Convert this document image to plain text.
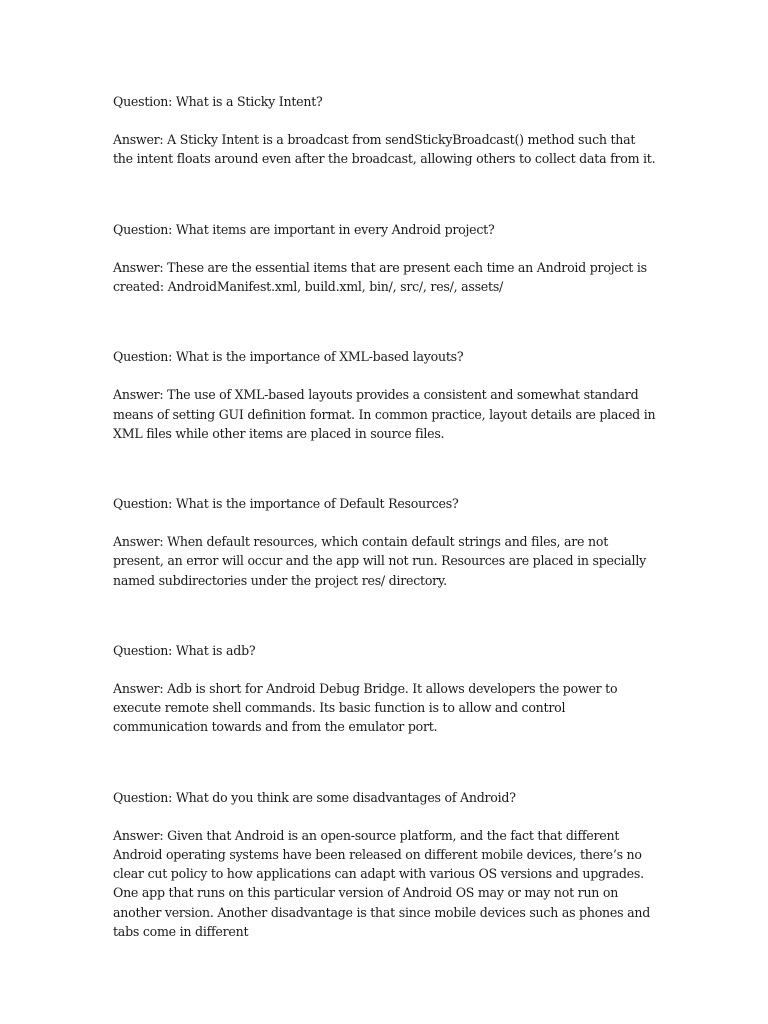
Question: What is a Sticky Intent?

Answer: A Sticky Intent is a broadcast from sendStickyBroadcast() method such that the intent floats around even after the broadcast, allowing others to collect data from it.

Question: What items are important in every Android project?

Answer: These are the essential items that are present each time an Android project is created: AndroidManifest.xml, build.xml, bin/, src/, res/, assets/

Question: What is the importance of XML-based layouts?

Answer: The use of XML-based layouts provides a consistent and somewhat standard means of setting GUI definition format. In common practice, layout details are placed in XML files while other items are placed in source files.

Question: What is the importance of Default Resources?

Answer: When default resources, which contain default strings and files, are not present, an error will occur and the app will not run. Resources are placed in specially named subdirectories under the project res/ directory.

Question: What is adb?

Answer: Adb is short for Android Debug Bridge. It allows developers the power to execute remote shell commands. Its basic function is to allow and control communication towards and from the emulator port.

Question: What do you think are some disadvantages of Android?

Answer: Given that Android is an open-source platform, and the fact that different Android operating systems have been released on different mobile devices, there’s no clear cut policy to how applications can adapt with various OS versions and upgrades. One app that runs on this particular version of Android OS may or may not run on another version. Another disadvantage is that since mobile devices such as phones and tabs come in different
